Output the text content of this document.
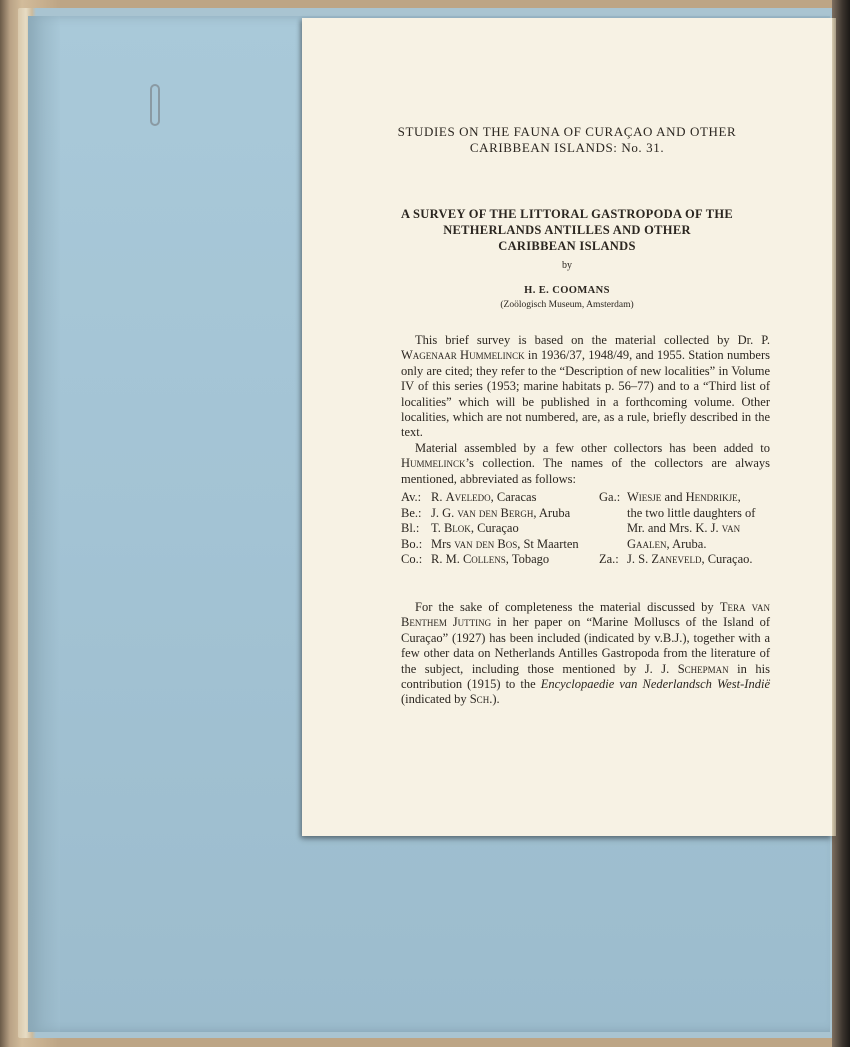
STUDIES ON THE FAUNA OF CURAÇAO AND OTHER
CARIBBEAN ISLANDS: No. 31.
A SURVEY OF THE LITTORAL GASTROPODA OF THE
NETHERLANDS ANTILLES AND OTHER
CARIBBEAN ISLANDS
by
H. E. COOMANS
(Zoölogisch Museum, Amsterdam)
This brief survey is based on the material collected by Dr. P. Wagenaar Hummelinck in 1936/37, 1948/49, and 1955. Station numbers only are cited; they refer to the “Description of new localities” in Volume IV of this series (1953; marine habitats p. 56–77) and to a “Third list of localities” which will be published in a forthcoming volume. Other localities, which are not numbered, are, as a rule, briefly described in the text.
Material assembled by a few other collectors has been added to Hummelinck’s collection. The names of the collectors are always mentioned, abbreviated as follows:
Av.: R. Aveledo, Caracas	Ga.: Wiesje and Hendrikje,
Be.: J. G. van den Bergh, Aruba	the two little daughters of
Bl.: T. Blok, Curaçao	Mr. and Mrs. K. J. van
Bo.: Mrs van den Bos, St Maarten	Gaalen, Aruba.
Co.: R. M. Collens, Tobago	Za.: J. S. Zaneveld, Curaçao.
For the sake of completeness the material discussed by Tera van Benthem Jutting in her paper on “Marine Molluscs of the Island of Curaçao” (1927) has been included (indicated by v.B.J.), together with a few other data on Netherlands Antilles Gastropoda from the literature of the subject, including those mentioned by J. J. Schepman in his contribution (1915) to the Encyclopaedie van Nederlandsch West-Indië (indicated by Sch.).
